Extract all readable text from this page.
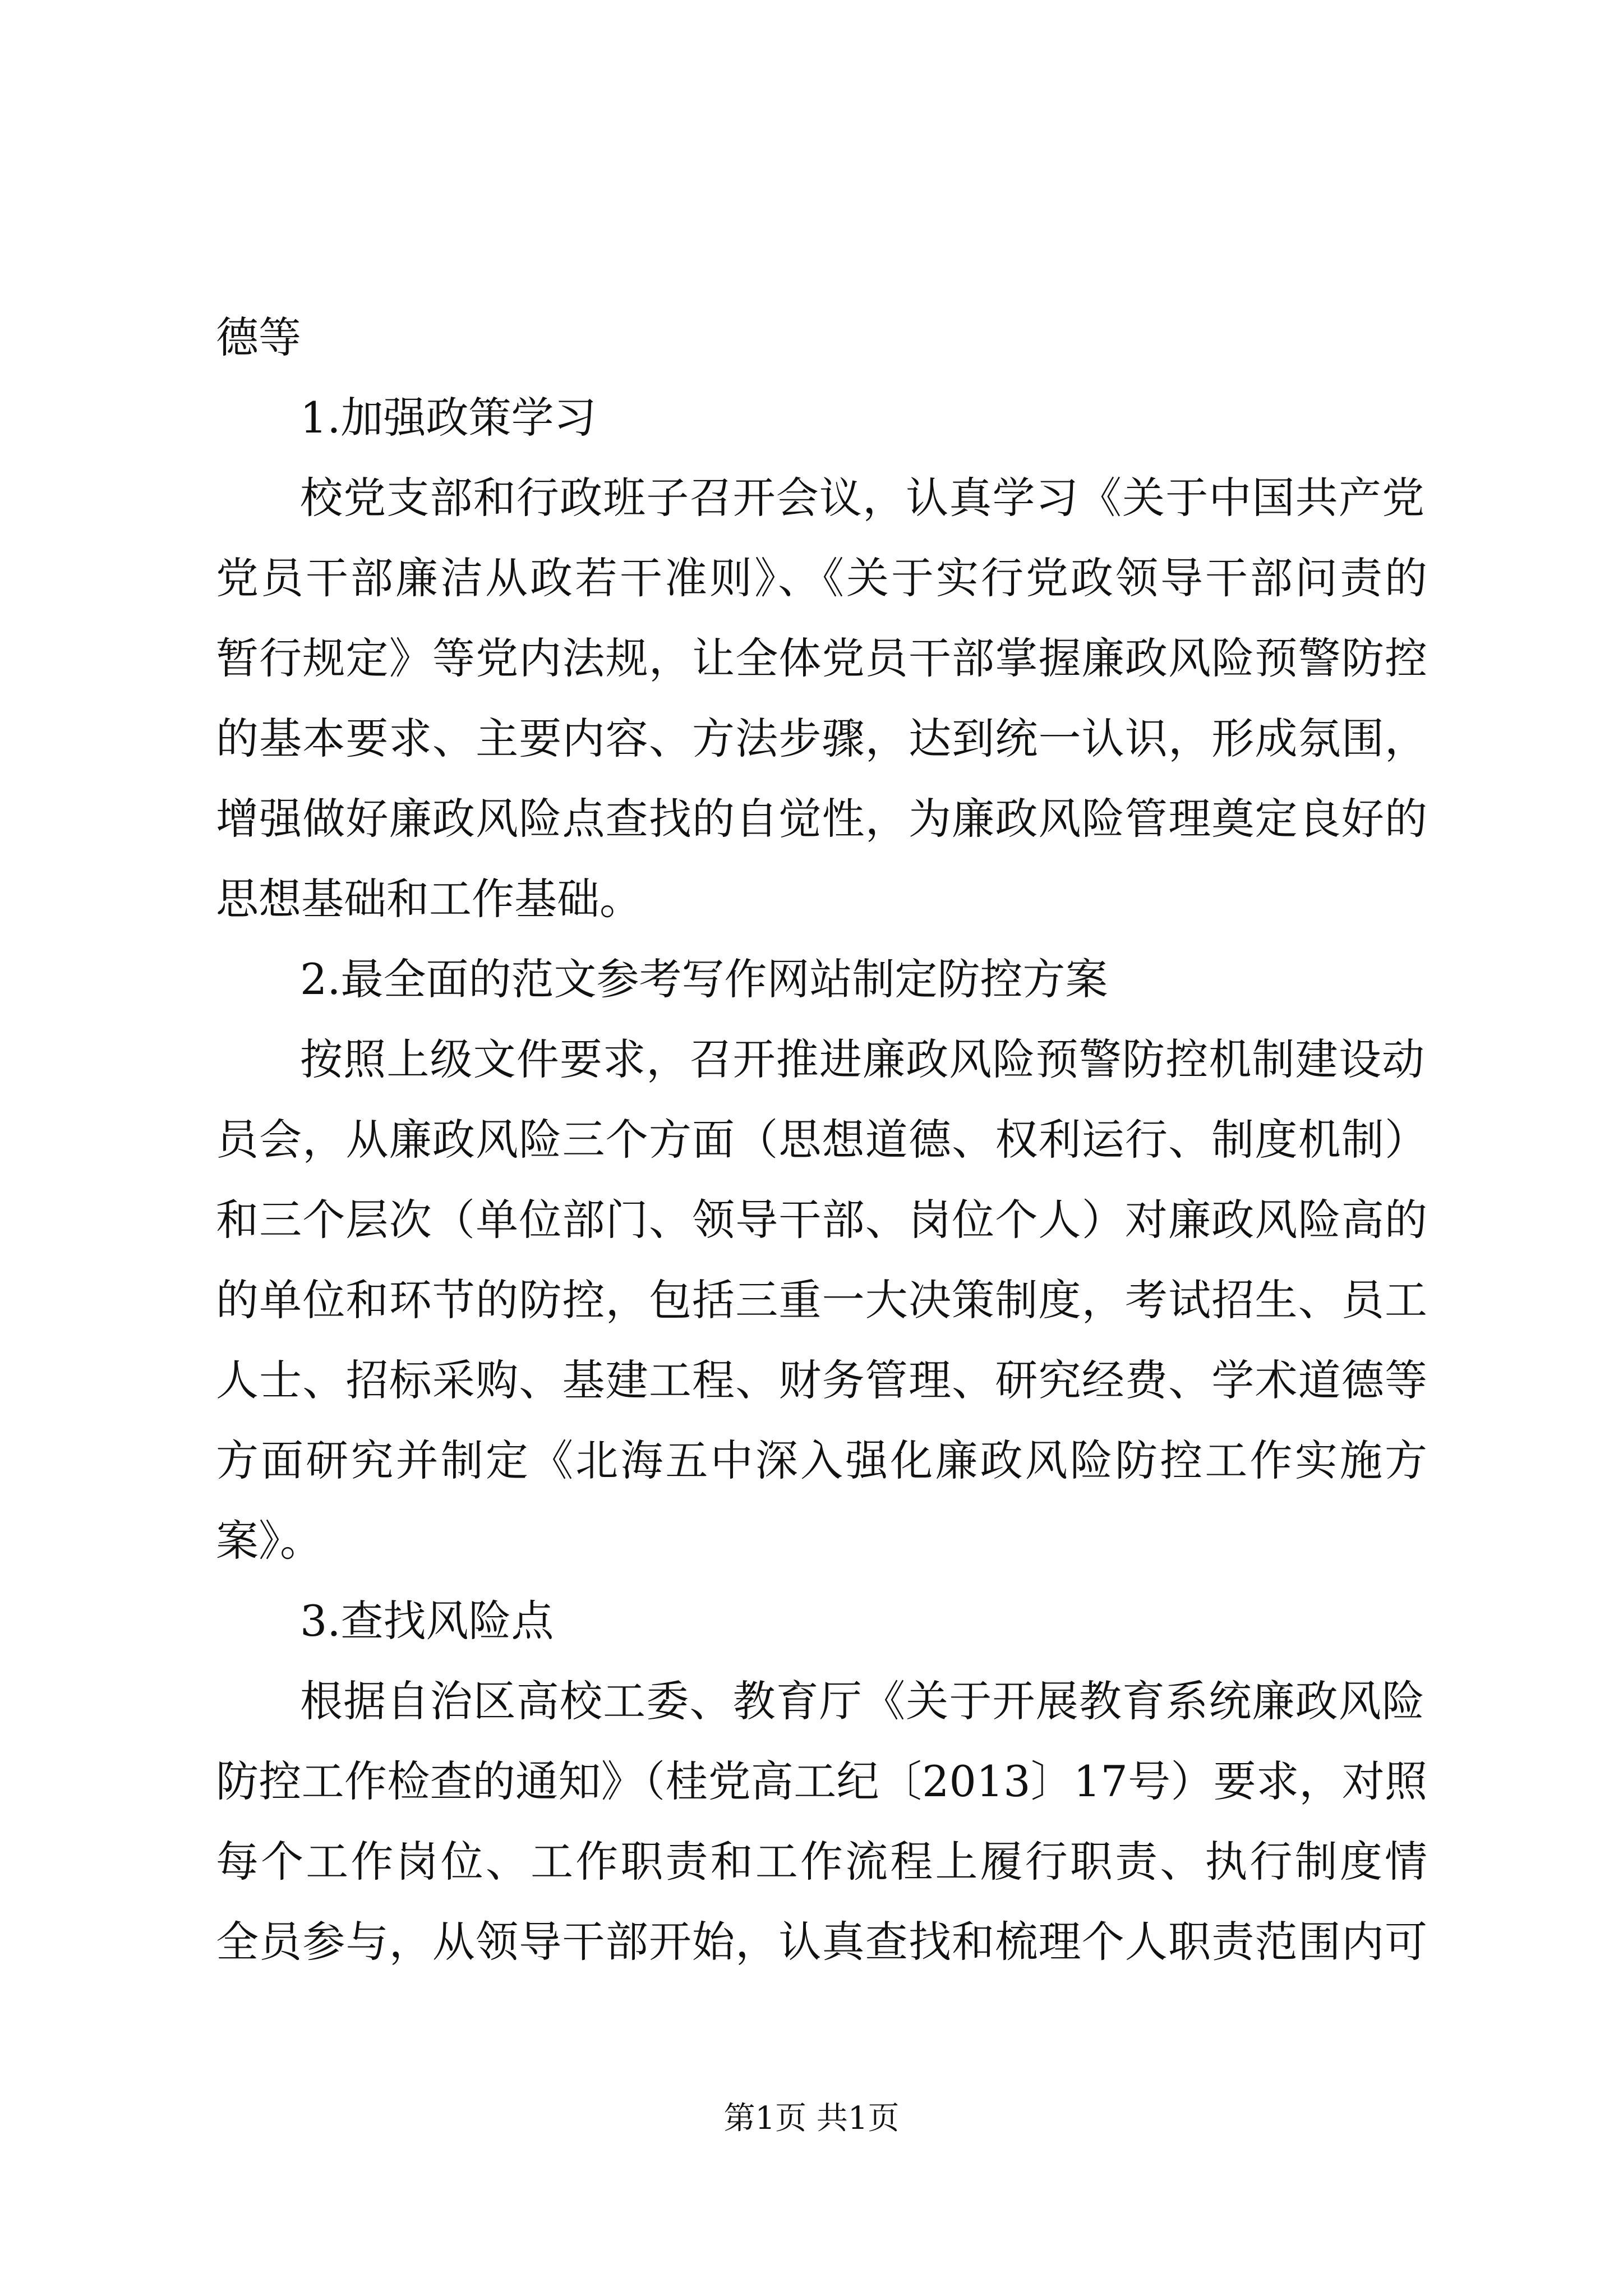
德等
1.加强政策学习
校党支部和行政班子召开会议，认真学习《关于中国共产党
党员干部廉洁从政若干准则》、《关于实行党政领导干部问责的
暂行规定》等党内法规，让全体党员干部掌握廉政风险预警防控
的基本要求、主要内容、方法步骤，达到统一认识，形成氛围，
增强做好廉政风险点查找的自觉性，为廉政风险管理奠定良好的
思想基础和工作基础。
2.最全面的范文参考写作网站制定防控方案
按照上级文件要求，召开推进廉政风险预警防控机制建设动
员会，从廉政风险三个方面（思想道德、权利运行、制度机制）
和三个层次（单位部门、领导干部、岗位个人）对廉政风险高的
的单位和环节的防控，包括三重一大决策制度，考试招生、员工
人士、招标采购、基建工程、财务管理、研究经费、学术道德等
方面研究并制定《北海五中深入强化廉政风险防控工作实施方
案》。
3.查找风险点
根据自治区高校工委、教育厅《关于开展教育系统廉政风险
防控工作检查的通知》（桂党高工纪〔2013〕17号）要求，对照
每个工作岗位、工作职责和工作流程上履行职责、执行制度情
全员参与，从领导干部开始，认真查找和梳理个人职责范围内可
第1页 共1页
